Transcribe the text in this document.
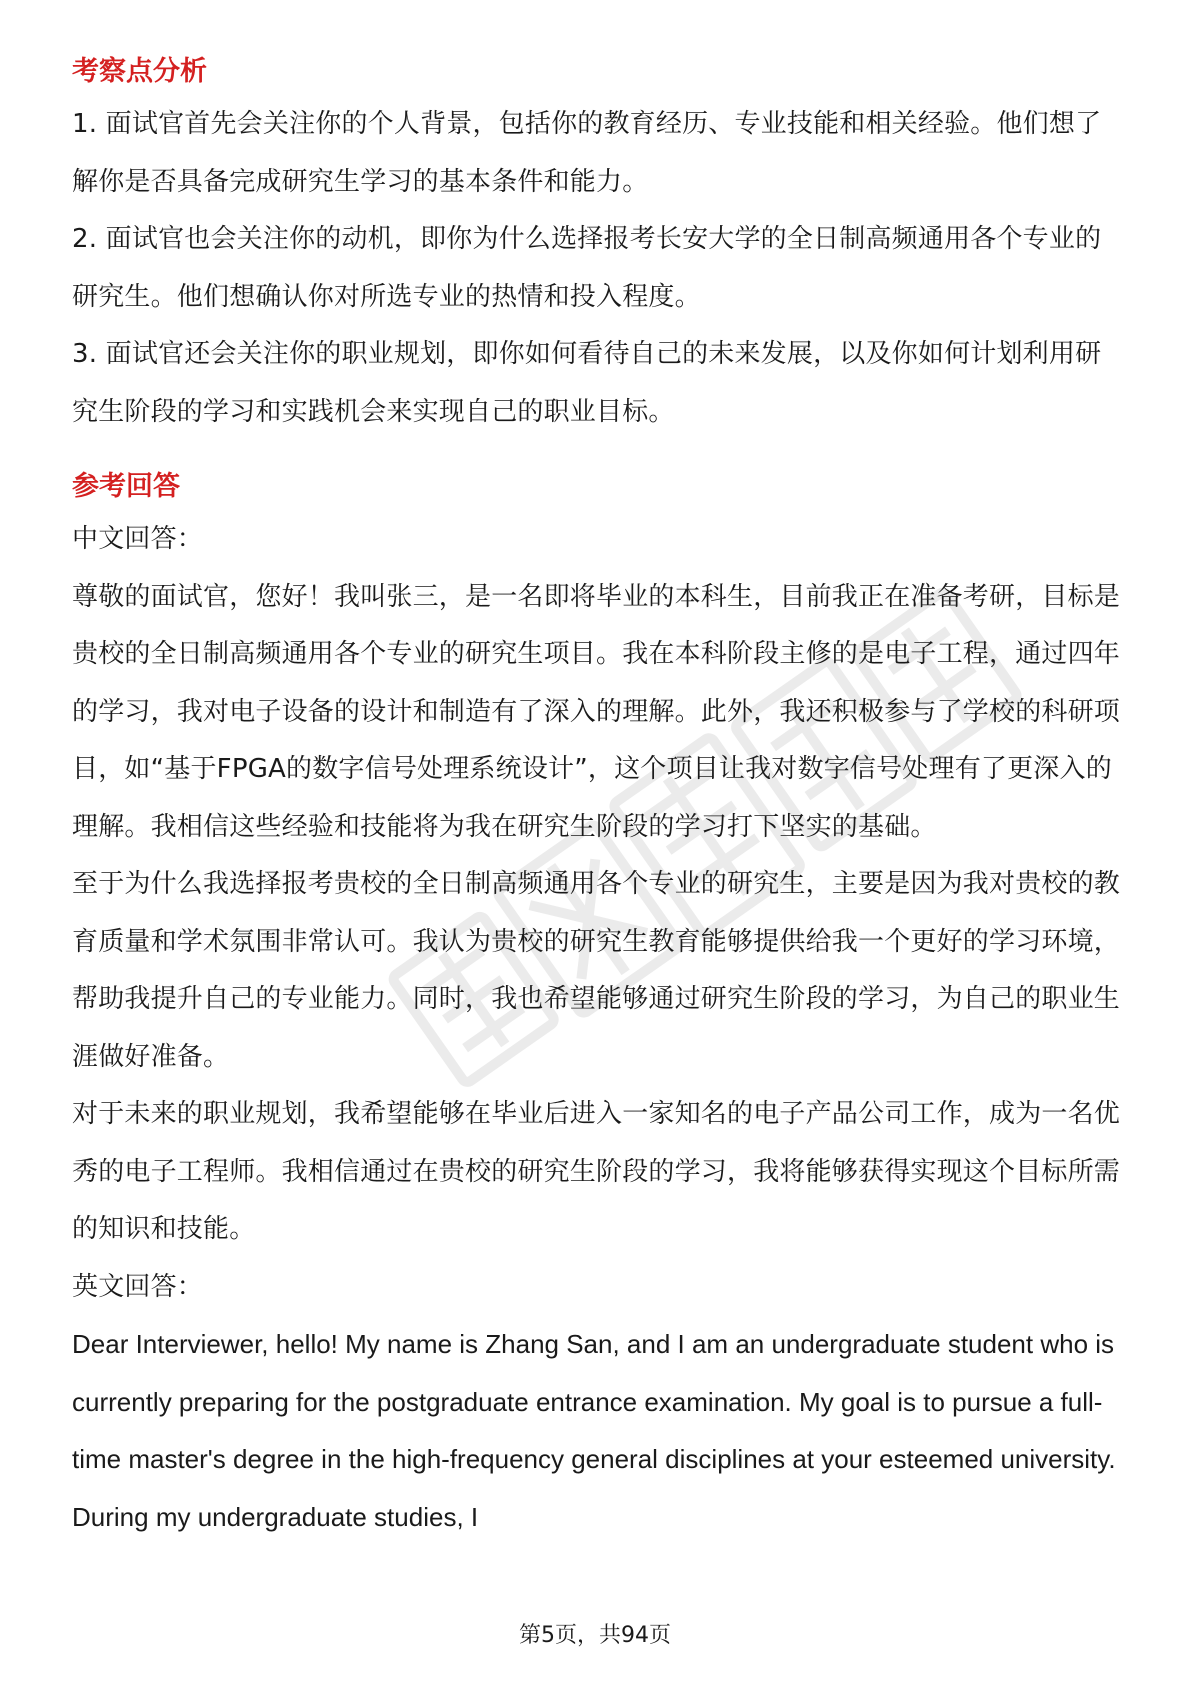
考察点分析

1. 面试官首先会关注你的个人背景，包括你的教育经历、专业技能和相关经验。他们想了解你是否具备完成研究生学习的基本条件和能力。

2. 面试官也会关注你的动机，即你为什么选择报考长安大学的全日制高频通用各个专业的研究生。他们想确认你对所选专业的热情和投入程度。

3. 面试官还会关注你的职业规划，即你如何看待自己的未来发展，以及你如何计划利用研究生阶段的学习和实践机会来实现自己的职业目标。

参考回答

中文回答：

尊敬的面试官，您好！我叫张三，是一名即将毕业的本科生，目前我正在准备考研，目标是贵校的全日制高频通用各个专业的研究生项目。我在本科阶段主修的是电子工程，通过四年的学习，我对电子设备的设计和制造有了深入的理解。此外，我还积极参与了学校的科研项目，如“基于FPGA的数字信号处理系统设计”，这个项目让我对数字信号处理有了更深入的理解。我相信这些经验和技能将为我在研究生阶段的学习打下坚实的基础。

至于为什么我选择报考贵校的全日制高频通用各个专业的研究生，主要是因为我对贵校的教育质量和学术氛围非常认可。我认为贵校的研究生教育能够提供给我一个更好的学习环境，帮助我提升自己的专业能力。同时，我也希望能够通过研究生阶段的学习，为自己的职业生涯做好准备。

对于未来的职业规划，我希望能够在毕业后进入一家知名的电子产品公司工作，成为一名优秀的电子工程师。我相信通过在贵校的研究生阶段的学习，我将能够获得实现这个目标所需的知识和技能。

英文回答：

Dear Interviewer, hello! My name is Zhang San, and I am an undergraduate student who is currently preparing for the postgraduate entrance examination. My goal is to pursue a full-time master's degree in the high-frequency general disciplines at your esteemed university. During my undergraduate studies, I

第5页，共94页
